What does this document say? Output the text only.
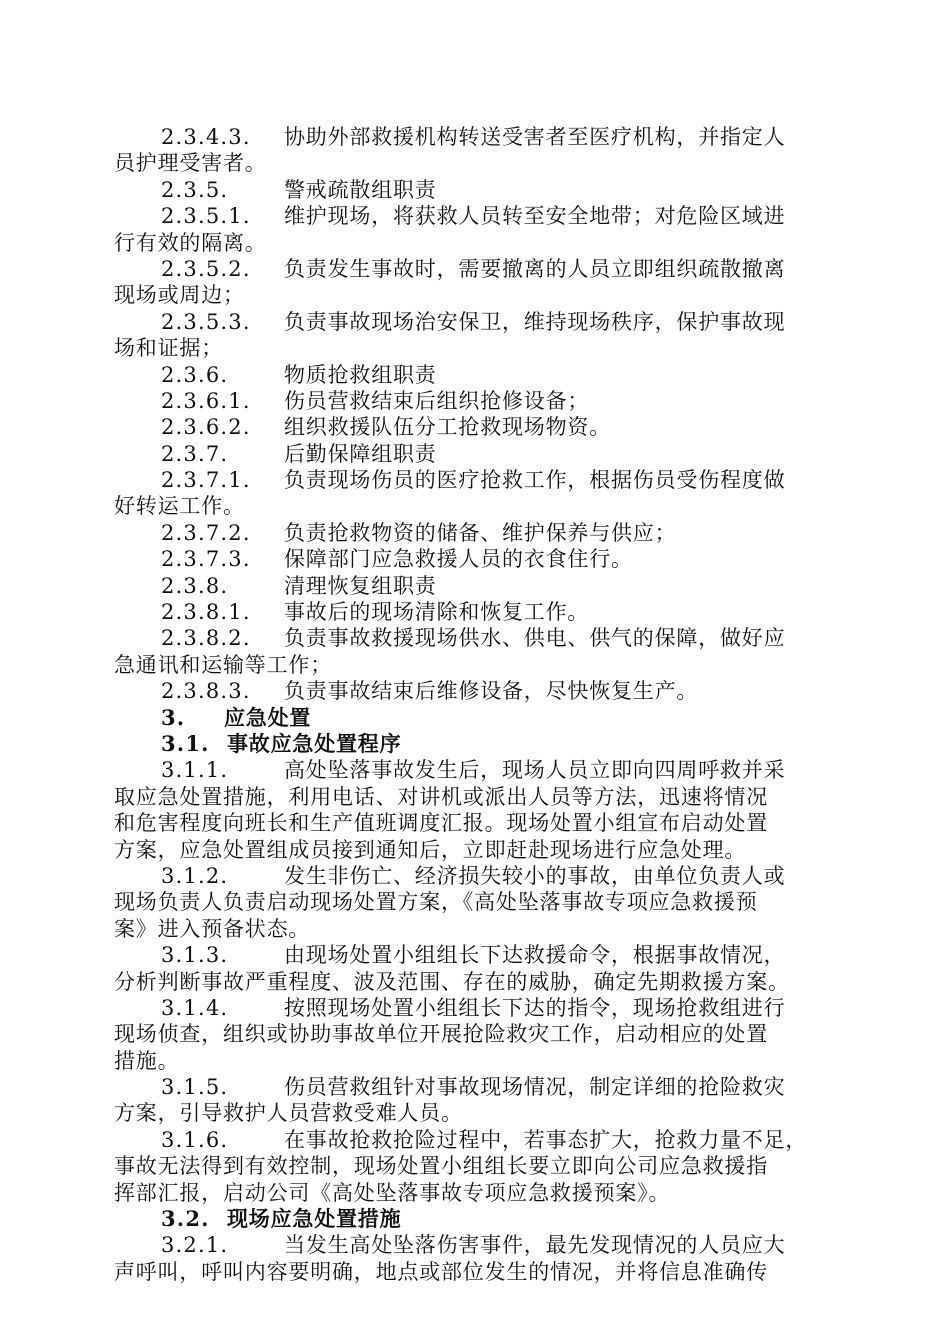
2.3.4.3. 协助外部救援机构转送受害者至医疗机构，并指定人
员护理受害者。
2.3.5.	警戒疏散组职责
2.3.5.1. 维护现场，将获救人员转至安全地带；对危险区域进
行有效的隔离。
2.3.5.2. 负责发生事故时，需要撤离的人员立即组织疏散撤离
现场或周边；
2.3.5.3. 负责事故现场治安保卫，维持现场秩序，保护事故现
场和证据；
2.3.6.	物质抢救组职责
2.3.6.1. 伤员营救结束后组织抢修设备；
2.3.6.2. 组织救援队伍分工抢救现场物资。
2.3.7.	后勤保障组职责
2.3.7.1. 负责现场伤员的医疗抢救工作，根据伤员受伤程度做
好转运工作。
2.3.7.2. 负责抢救物资的储备、维护保养与供应；
2.3.7.3. 保障部门应急救援人员的衣食住行。
2.3.8.	清理恢复组职责
2.3.8.1. 事故后的现场清除和恢复工作。
2.3.8.2. 负责事故救援现场供水、供电、供气的保障，做好应
急通讯和运输等工作；
2.3.8.3. 负责事故结束后维修设备，尽快恢复生产。
3. 应急处置
3.1. 事故应急处置程序
3.1.1.	高处坠落事故发生后，现场人员立即向四周呼救并采
取应急处置措施，利用电话、对讲机或派出人员等方法，迅速将情况
和危害程度向班长和生产值班调度汇报。现场处置小组宣布启动处置
方案，应急处置组成员接到通知后，立即赶赴现场进行应急处理。
3.1.2.	发生非伤亡、经济损失较小的事故，由单位负责人或
现场负责人负责启动现场处置方案，《高处坠落事故专项应急救援预
案》进入预备状态。
3.1.3.	由现场处置小组组长下达救援命令，根据事故情况，
分析判断事故严重程度、波及范围、存在的威胁，确定先期救援方案。
3.1.4.	按照现场处置小组组长下达的指令，现场抢救组进行
现场侦查，组织或协助事故单位开展抢险救灾工作，启动相应的处置
措施。
3.1.5.	伤员营救组针对事故现场情况，制定详细的抢险救灾
方案，引导救护人员营救受难人员。
3.1.6.	在事故抢救抢险过程中，若事态扩大，抢救力量不足，
事故无法得到有效控制，现场处置小组组长要立即向公司应急救援指
挥部汇报，启动公司《高处坠落事故专项应急救援预案》。
3.2. 现场应急处置措施
3.2.1.	当发生高处坠落伤害事件，最先发现情况的人员应大
声呼叫，呼叫内容要明确，地点或部位发生的情况，并将信息准确传
